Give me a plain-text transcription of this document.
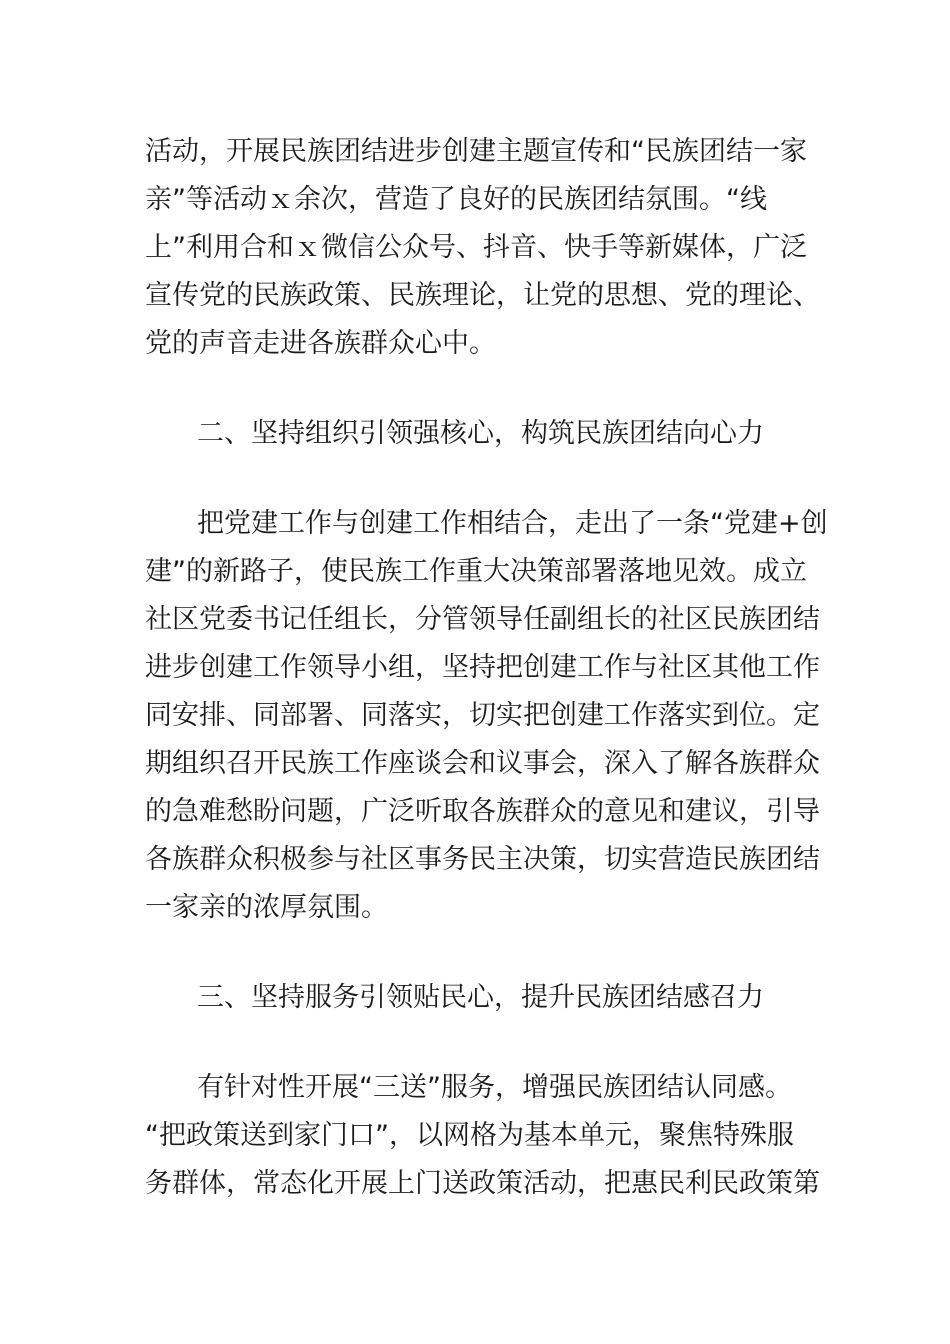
活动，开展民族团结进步创建主题宣传和“民族团结一家
亲”等活动ｘ余次，营造了良好的民族团结氛围。“线
上”利用合和ｘ微信公众号、抖音、快手等新媒体，广泛
宣传党的民族政策、民族理论，让党的思想、党的理论、
党的声音走进各族群众心中。
二、坚持组织引领强核心，构筑民族团结向心力
把党建工作与创建工作相结合，走出了一条“党建+创
建”的新路子，使民族工作重大决策部署落地见效。成立
社区党委书记任组长，分管领导任副组长的社区民族团结
进步创建工作领导小组，坚持把创建工作与社区其他工作
同安排、同部署、同落实，切实把创建工作落实到位。定
期组织召开民族工作座谈会和议事会，深入了解各族群众
的急难愁盼问题，广泛听取各族群众的意见和建议，引导
各族群众积极参与社区事务民主决策，切实营造民族团结
一家亲的浓厚氛围。
三、坚持服务引领贴民心，提升民族团结感召力
有针对性开展“三送”服务，增强民族团结认同感。
“把政策送到家门口”，以网格为基本单元，聚焦特殊服
务群体，常态化开展上门送政策活动，把惠民利民政策第
